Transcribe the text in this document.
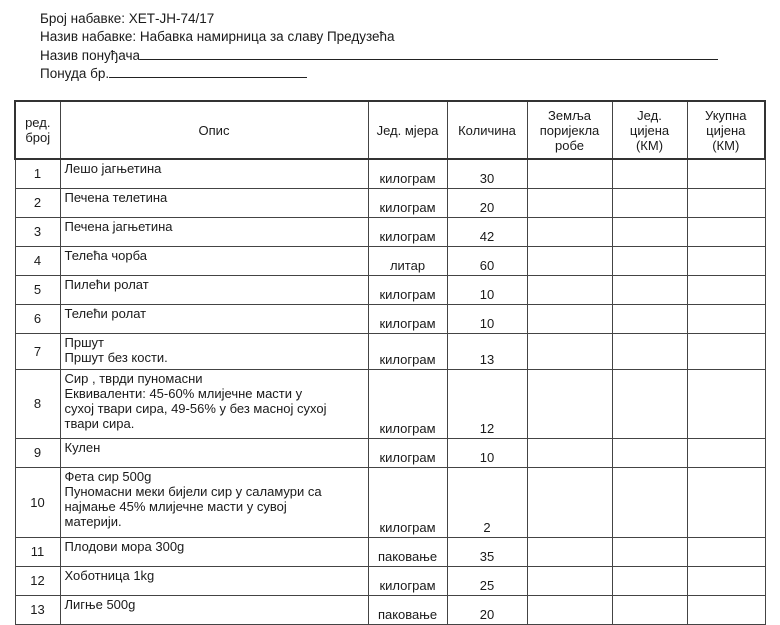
Број набавке: ХЕТ-ЈН-74/17
Назив набавке: Набавка намирница за славу Предузећа
Назив понуђача
Понуда бр.
ред. број	Опис	Јед. мјера	Количина	Земља поријекла робе	Јед. цијена (КМ)	Укупна цијена (КМ)
1	Лешо јагњетина	килограм	30			
2	Печена телетина	килограм	20			
3	Печена јагњетина	килограм	42			
4	Телећа чорба	литар	60			
5	Пилећи ролат	килограм	10			
6	Телећи ролат	килограм	10			
7	Пршут
Пршут без кости.	килограм	13			
8	Сир , тврди пуномасни
Еквиваленти: 45-60% млијечне масти у
сухој твари сира, 49-56% у без масној сухој
твари сира.	килограм	12			
9	Кулен	килограм	10			
10	Фета сир 500g
Пуномасни меки бијели сир у саламури са
најмање 45% млијечне масти у сувој
материји.	килограм	2			
11	Плодови мора 300g	паковање	35			
12	Хоботница 1kg	килограм	25			
13	Лигње 500g	паковање	20			
